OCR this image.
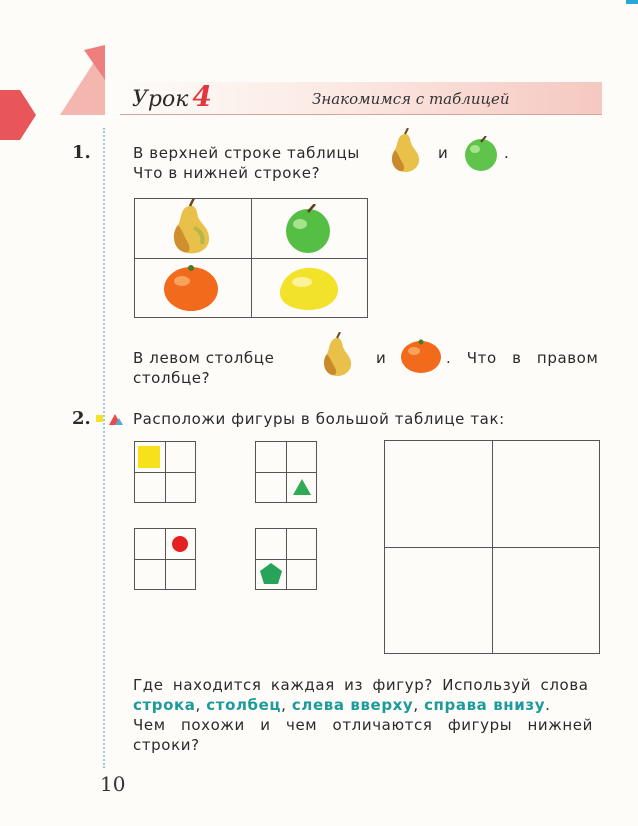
Урок 4	Знакомимся с таблицей
1.	В верхней строке таблицы
Что в нижней строке?
и	.
В левом столбце	и	. Что в правом
столбце?
2.	Расположи фигуры в большой таблице так:
Где находится каждая из фигур? Используй слова
строка, столбец, слева вверху, справа внизу.
Чем похожи и чем отличаются фигуры нижней
строки?
10
